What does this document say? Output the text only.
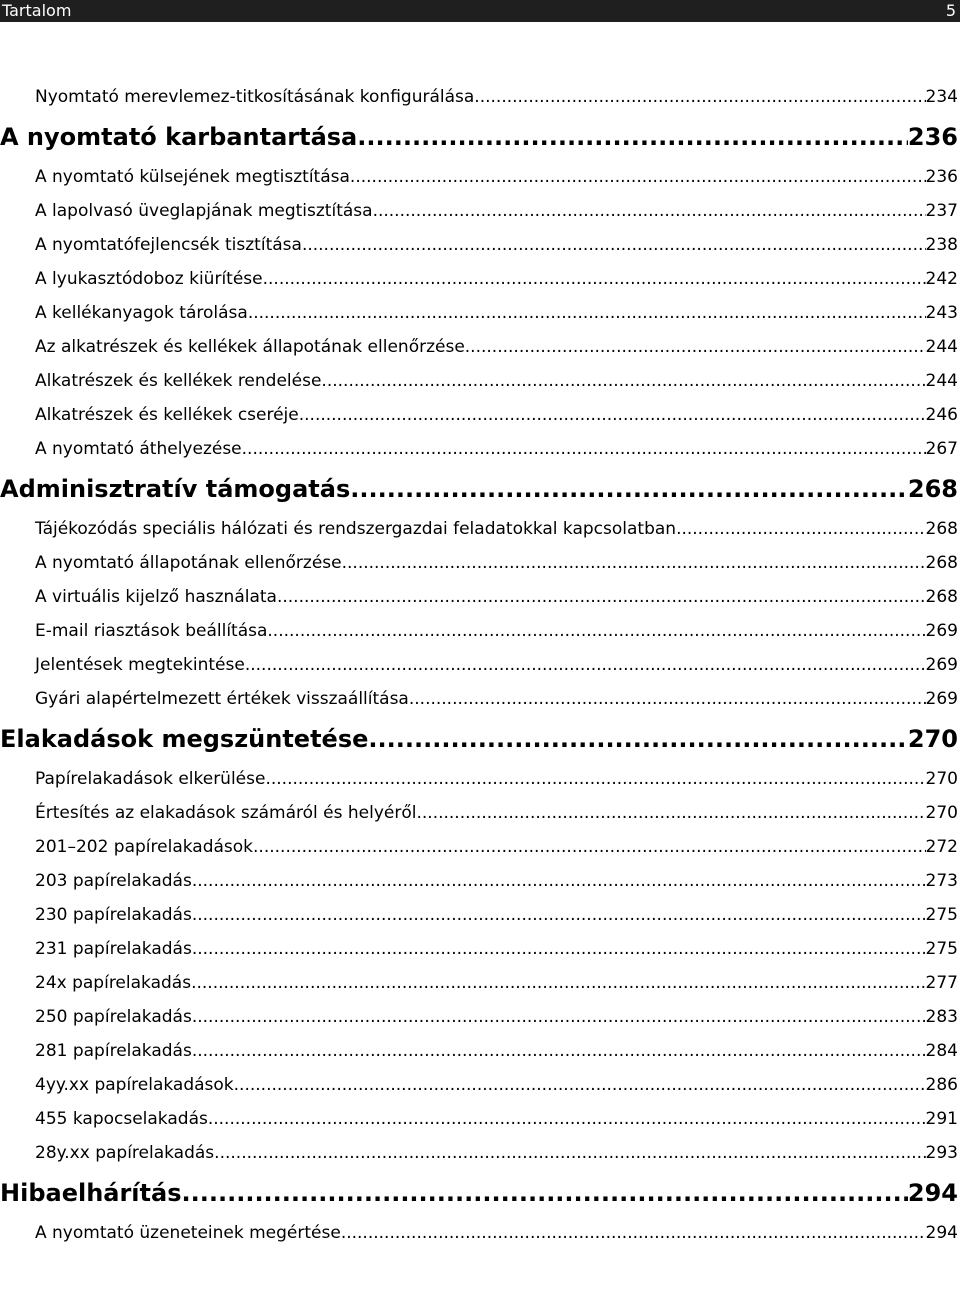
Tartalom	5
Nyomtató merevlemez-titkosításának konfigurálása .....	234
A nyomtató karbantartása .....	236
A nyomtató külsejének megtisztítása .....	236
A lapolvasó üveglapjának megtisztítása .....	237
A nyomtatófejlencsék tisztítása .....	238
A lyukasztódoboz kiürítése .....	242
A kellékanyagok tárolása .....	243
Az alkatrészek és kellékek állapotának ellenőrzése .....	244
Alkatrészek és kellékek rendelése .....	244
Alkatrészek és kellékek cseréje .....	246
A nyomtató áthelyezése .....	267
Adminisztratív támogatás .....	268
Tájékozódás speciális hálózati és rendszergazdai feladatokkal kapcsolatban .....	268
A nyomtató állapotának ellenőrzése .....	268
A virtuális kijelző használata .....	268
E-mail riasztások beállítása .....	269
Jelentések megtekintése .....	269
Gyári alapértelmezett értékek visszaállítása .....	269
Elakadások megszüntetése .....	270
Papírelakadások elkerülése .....	270
Értesítés az elakadások számáról és helyéről .....	270
201–202 papírelakadások .....	272
203 papírelakadás .....	273
230 papírelakadás .....	275
231 papírelakadás .....	275
24x papírelakadás .....	277
250 papírelakadás .....	283
281 papírelakadás .....	284
4yy.xx papírelakadások .....	286
455 kapocselakadás .....	291
28y.xx papírelakadás .....	293
Hibaelhárítás .....	294
A nyomtató üzeneteinek megértése .....	294
